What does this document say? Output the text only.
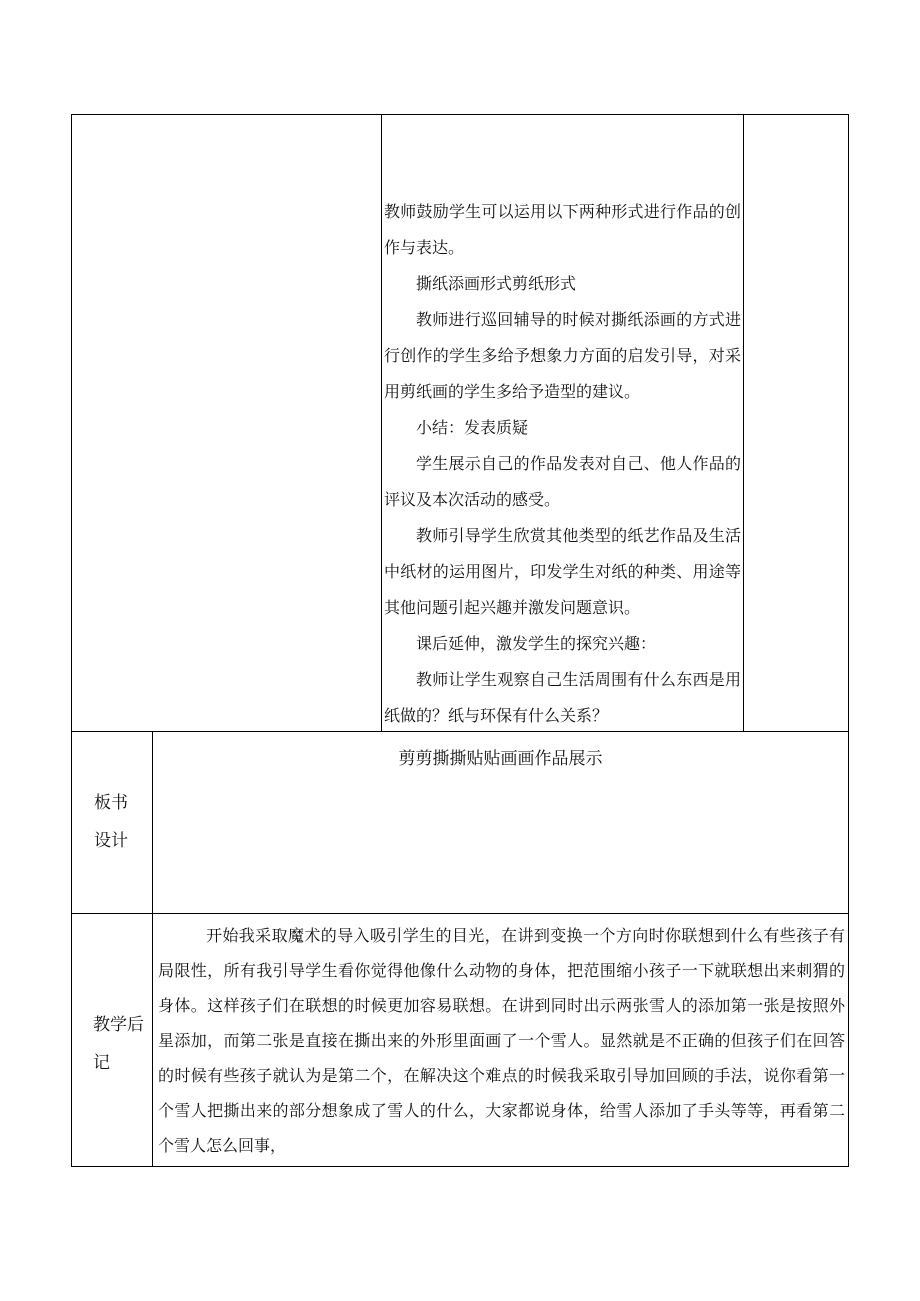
教师鼓励学生可以运用以下两种形式进行作品的创作与表达。

撕纸添画形式剪纸形式

教师进行巡回辅导的时候对撕纸添画的方式进行创作的学生多给予想象力方面的启发引导，对采用剪纸画的学生多给予造型的建议。

小结：发表质疑

学生展示自己的作品发表对自己、他人作品的评议及本次活动的感受。

教师引导学生欣赏其他类型的纸艺作品及生活中纸材的运用图片，印发学生对纸的种类、用途等其他问题引起兴趣并激发问题意识。

课后延伸，激发学生的探究兴趣：

教师让学生观察自己生活周围有什么东西是用纸做的？纸与环保有什么关系？

板书
设计
剪剪撕撕贴贴画画作品展示
教学后
记

开始我采取魔术的导入吸引学生的目光，在讲到变换一个方向时你联想到什么有些孩子有局限性，所有我引导学生看你觉得他像什么动物的身体，把范围缩小孩子一下就联想出来刺猬的身体。这样孩子们在联想的时候更加容易联想。在讲到同时出示两张雪人的添加第一张是按照外星添加，而第二张是直接在撕出来的外形里面画了一个雪人。显然就是不正确的但孩子们在回答的时候有些孩子就认为是第二个，在解决这个难点的时候我采取引导加回顾的手法，说你看第一个雪人把撕出来的部分想象成了雪人的什么，大家都说身体，给雪人添加了手头等等，再看第二个雪人怎么回事，
